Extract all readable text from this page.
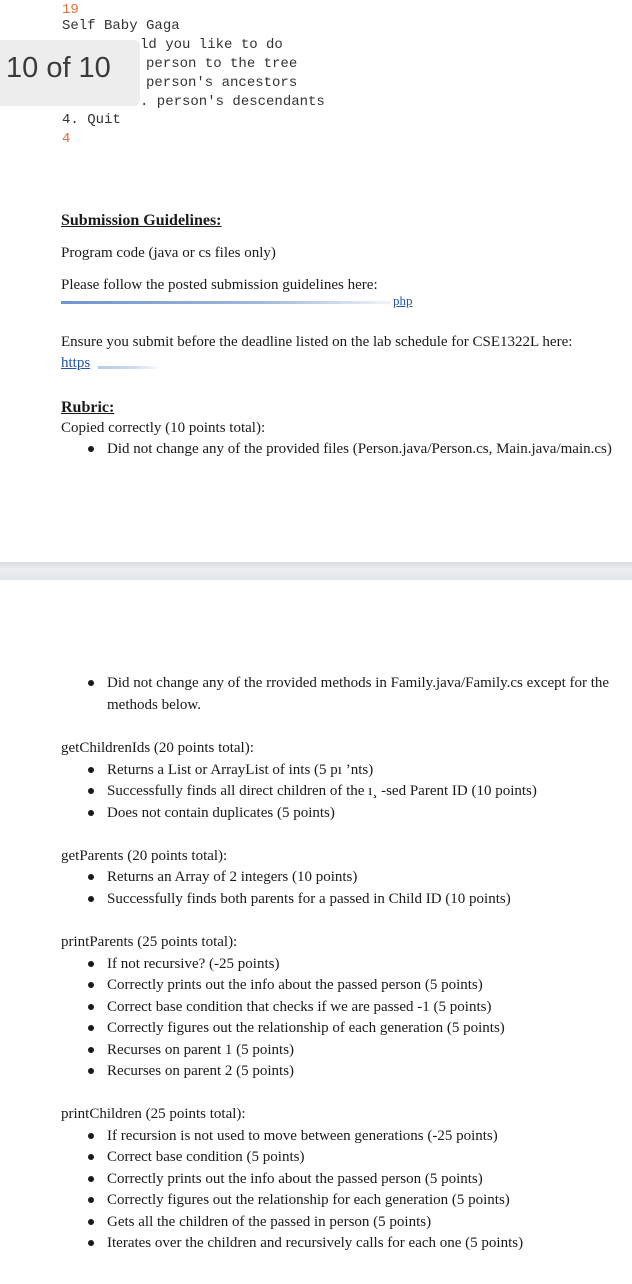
19
Self Baby Gaga
ld you like to do
person to the tree
person's ancestors
. person's descendants
4. Quit
4
10 of 10
Submission Guidelines:
Program code (java or cs files only)
Please follow the posted submission guidelines here:
php
Ensure you submit before the deadline listed on the lab schedule for CSE1322L here:
https
Rubric:
Copied correctly (10 points total):
Did not change any of the provided files (Person.java/Person.cs, Main.java/main.cs)
Did not change any of the rrovided methods in Family.java/Family.cs except for the
methods below.
getChildrenIds (20 points total):
Returns a List or ArrayList of ints (5 pı ’nts)
Successfully finds all direct children of the ı¸ ‐sed Parent ID (10 points)
Does not contain duplicates (5 points)
getParents (20 points total):
Returns an Array of 2 integers (10 points)
Successfully finds both parents for a passed in Child ID (10 points)
printParents (25 points total):
If not recursive? (-25 points)
Correctly prints out the info about the passed person (5 points)
Correct base condition that checks if we are passed -1 (5 points)
Correctly figures out the relationship of each generation (5 points)
Recurses on parent 1 (5 points)
Recurses on parent 2 (5 points)
printChildren (25 points total):
If recursion is not used to move between generations (-25 points)
Correct base condition (5 points)
Correctly prints out the info about the passed person (5 points)
Correctly figures out the relationship for each generation (5 points)
Gets all the children of the passed in person (5 points)
Iterates over the children and recursively calls for each one (5 points)
